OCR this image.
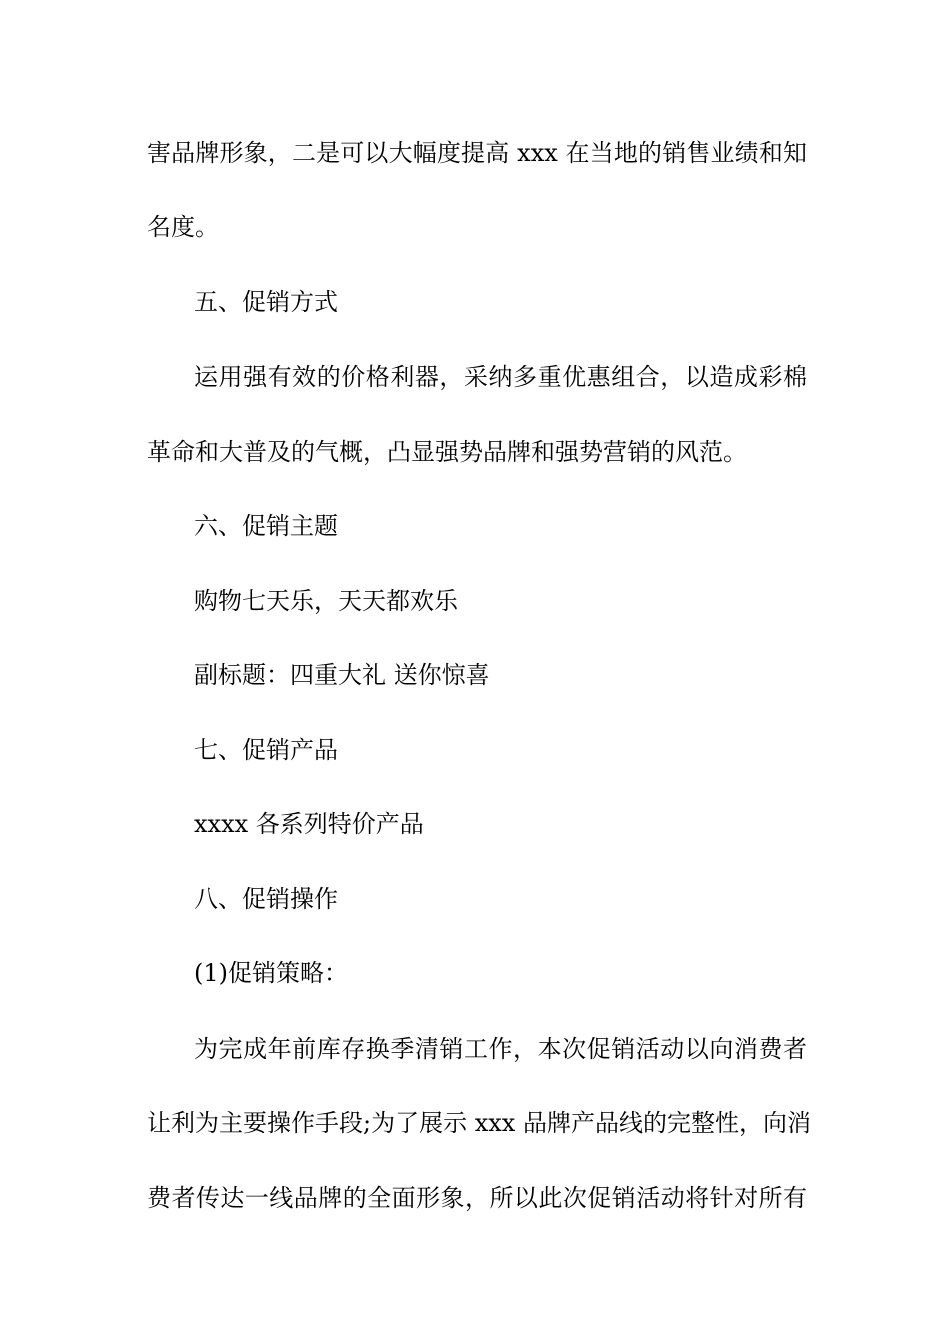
害品牌形象，二是可以大幅度提高 xxx 在当地的销售业绩和知
名度。
五、促销方式
运用强有效的价格利器，采纳多重优惠组合，以造成彩棉
革命和大普及的气概，凸显强势品牌和强势营销的风范。
六、促销主题
购物七天乐，天天都欢乐
副标题：四重大礼 送你惊喜
七、促销产品
xxxx 各系列特价产品
八、促销操作
(1)促销策略：
为完成年前库存换季清销工作，本次促销活动以向消费者
让利为主要操作手段;为了展示 xxx 品牌产品线的完整性，向消
费者传达一线品牌的全面形象，所以此次促销活动将针对所有
